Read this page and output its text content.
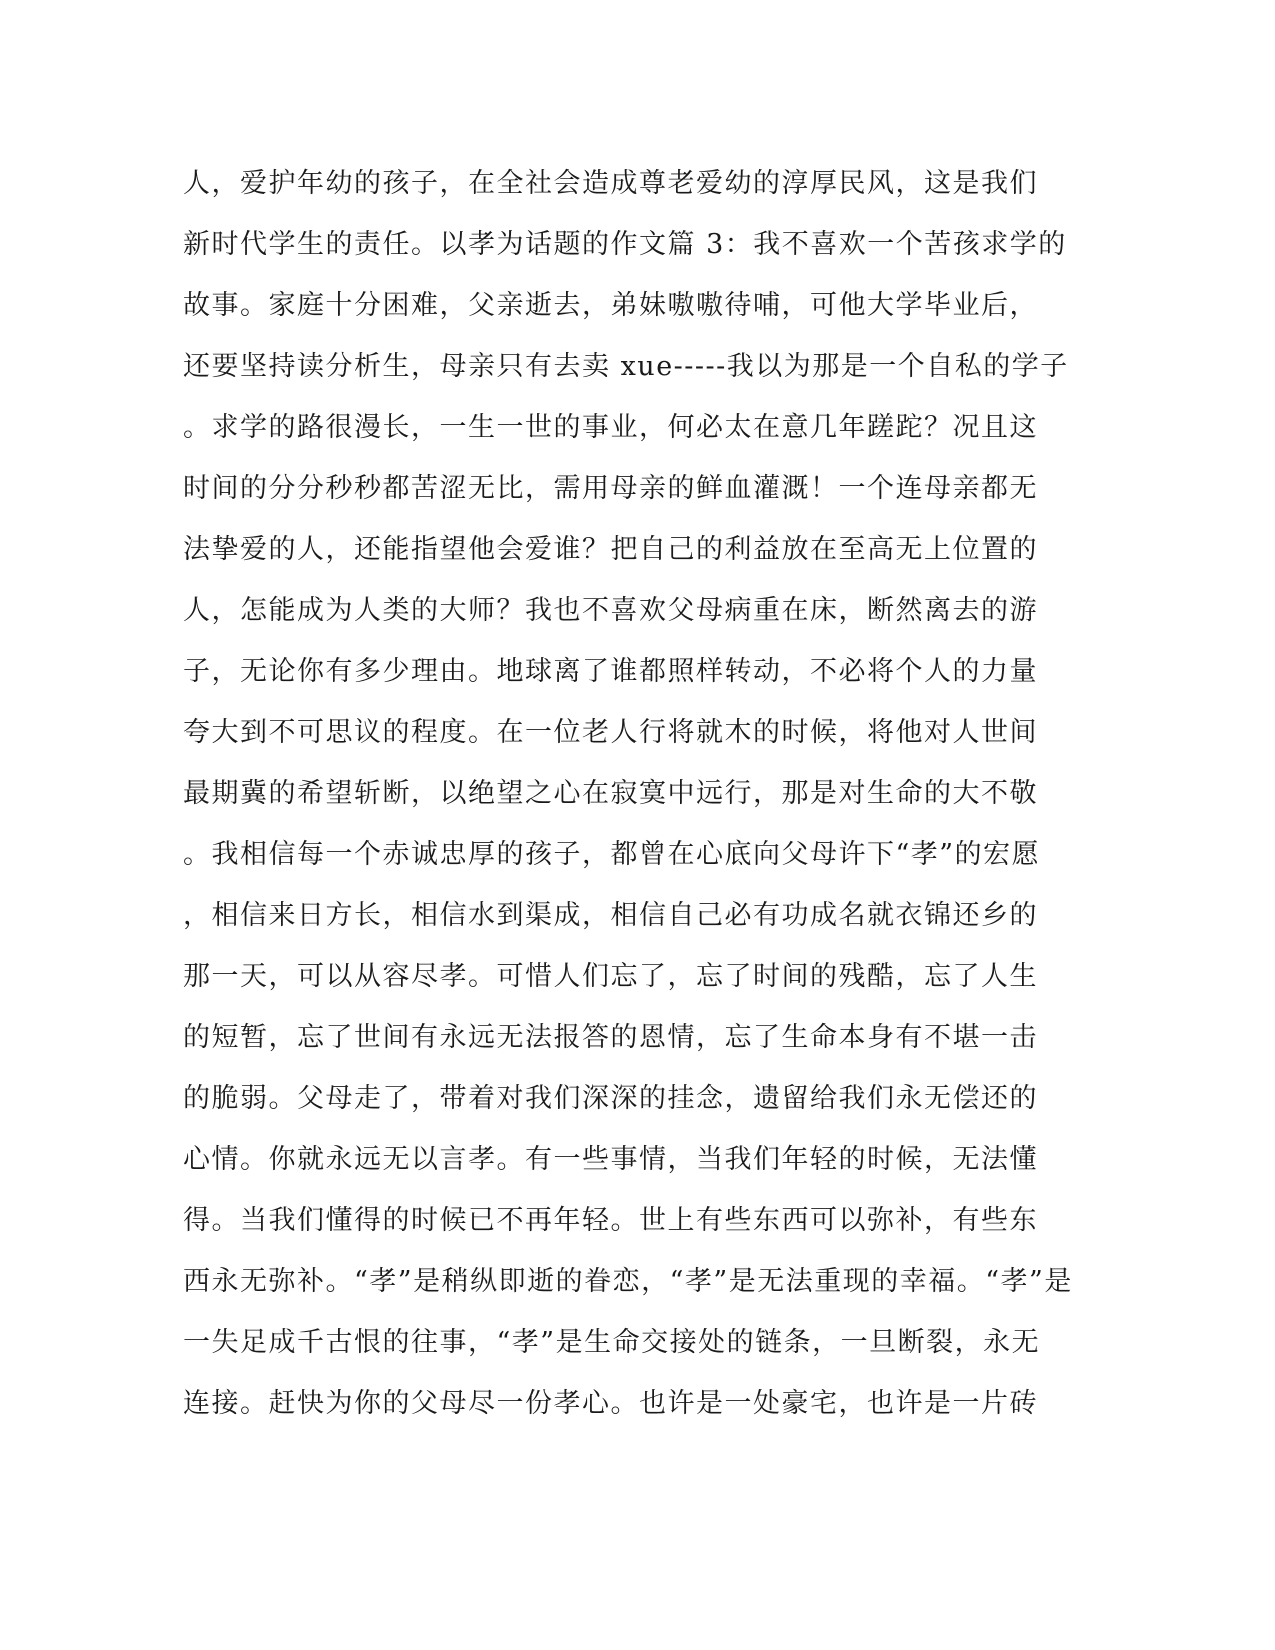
人，爱护年幼的孩子，在全社会造成尊老爱幼的淳厚民风，这是我们
新时代学生的责任。以孝为话题的作文篇 3：我不喜欢一个苦孩求学的
故事。家庭十分困难，父亲逝去，弟妹嗷嗷待哺，可他大学毕业后，
还要坚持读分析生，母亲只有去卖 xue-----我以为那是一个自私的学子
。求学的路很漫长，一生一世的事业，何必太在意几年蹉跎？况且这
时间的分分秒秒都苦涩无比，需用母亲的鲜血灌溉！一个连母亲都无
法挚爱的人，还能指望他会爱谁？把自己的利益放在至高无上位置的
人，怎能成为人类的大师？我也不喜欢父母病重在床，断然离去的游
子，无论你有多少理由。地球离了谁都照样转动，不必将个人的力量
夸大到不可思议的程度。在一位老人行将就木的时候，将他对人世间
最期冀的希望斩断，以绝望之心在寂寞中远行，那是对生命的大不敬
。我相信每一个赤诚忠厚的孩子，都曾在心底向父母许下“孝”的宏愿
，相信来日方长，相信水到渠成，相信自己必有功成名就衣锦还乡的
那一天，可以从容尽孝。可惜人们忘了，忘了时间的残酷，忘了人生
的短暂，忘了世间有永远无法报答的恩情，忘了生命本身有不堪一击
的脆弱。父母走了，带着对我们深深的挂念，遗留给我们永无偿还的
心情。你就永远无以言孝。有一些事情，当我们年轻的时候，无法懂
得。当我们懂得的时候已不再年轻。世上有些东西可以弥补，有些东
西永无弥补。“孝”是稍纵即逝的眷恋，“孝”是无法重现的幸福。“孝”是
一失足成千古恨的往事，“孝”是生命交接处的链条，一旦断裂，永无
连接。赶快为你的父母尽一份孝心。也许是一处豪宅，也许是一片砖
